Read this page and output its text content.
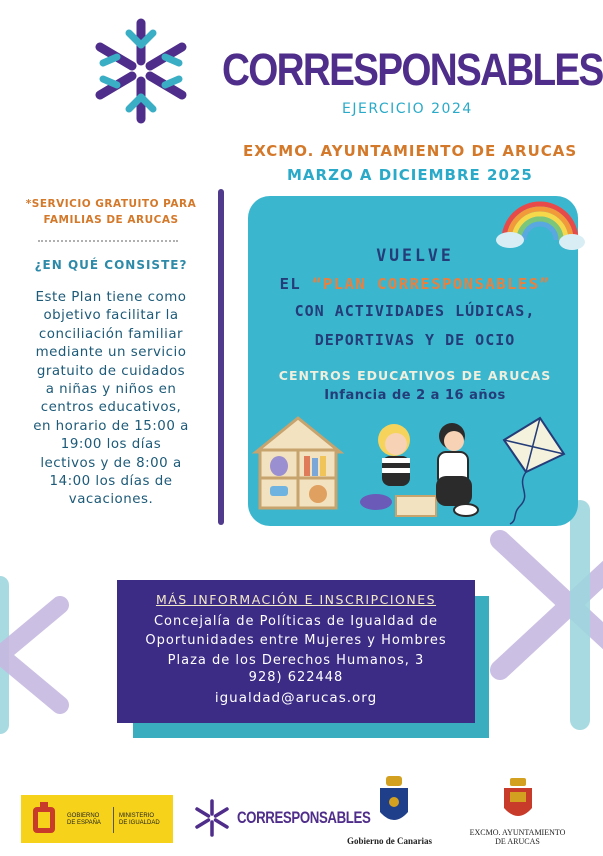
CORRESPONSABLES
EJERCICIO 2024
EXCMO. AYUNTAMIENTO DE ARUCAS
MARZO A DICIEMBRE 2025
*SERVICIO GRATUITO PARA
FAMILIAS DE ARUCAS
¿EN QUÉ CONSISTE?
Este Plan tiene como
objetivo facilitar la
conciliación familiar
mediante un servicio
gratuito de cuidados
a niñas y niños en
centros educativos,
en horario de 15:00 a
19:00 los días
lectivos y de 8:00 a
14:00 los días de
vacaciones.
VUELVE
EL “PLAN CORRESPONSABLES”
CON ACTIVIDADES LÚDICAS,
DEPORTIVAS Y DE OCIO
CENTROS EDUCATIVOS DE ARUCAS
Infancia de 2 a 16 años
MÁS INFORMACIÓN E INSCRIPCIONES
Concejalía de Políticas de Igualdad de
Oportunidades entre Mujeres y Hombres
Plaza de los Derechos Humanos, 3
928) 622448
igualdad@arucas.org
GOBIERNO
DE ESPAÑA
MINISTERIO
DE IGUALDAD	CORRESPONSABLES
Gobierno de Canarias
EXCMO. AYUNTAMIENTO
DE ARUCAS
